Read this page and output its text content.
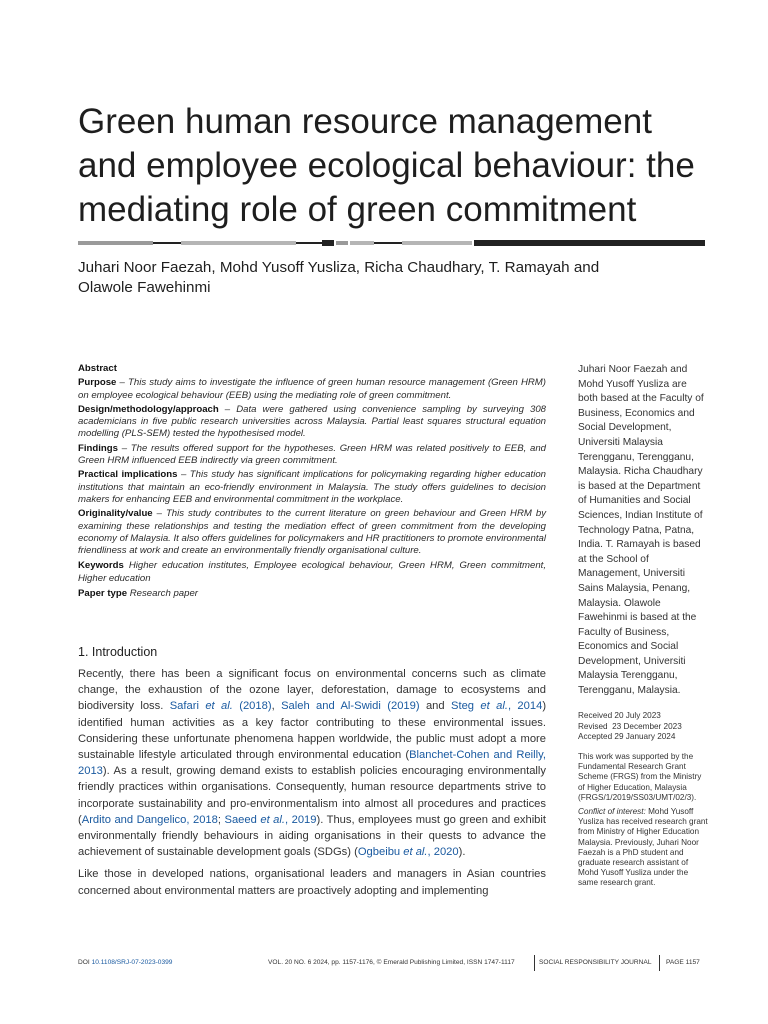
Green human resource management and employee ecological behaviour: the mediating role of green commitment
Juhari Noor Faezah, Mohd Yusoff Yusliza, Richa Chaudhary, T. Ramayah and Olawole Fawehinmi
Abstract
Purpose – This study aims to investigate the influence of green human resource management (Green HRM) on employee ecological behaviour (EEB) using the mediating role of green commitment.
Design/methodology/approach – Data were gathered using convenience sampling by surveying 308 academicians in five public research universities across Malaysia. Partial least squares structural equation modelling (PLS-SEM) tested the hypothesised model.
Findings – The results offered support for the hypotheses. Green HRM was related positively to EEB, and Green HRM influenced EEB indirectly via green commitment.
Practical implications – This study has significant implications for policymaking regarding higher education institutions that maintain an eco-friendly environment in Malaysia. The study offers guidelines to decision makers for enhancing EEB and environmental commitment in the workplace.
Originality/value – This study contributes to the current literature on green behaviour and Green HRM by examining these relationships and testing the mediation effect of green commitment from the developing economy of Malaysia. It also offers guidelines for policymakers and HR practitioners to promote environmental friendliness at work and create an environmentally friendly organisational culture.
Keywords Higher education institutes, Employee ecological behaviour, Green HRM, Green commitment, Higher education
Paper type Research paper
1. Introduction

Recently, there has been a significant focus on environmental concerns such as climate change, the exhaustion of the ozone layer, deforestation, damage to ecosystems and biodiversity loss. Safari et al. (2018), Saleh and Al-Swidi (2019) and Steg et al., 2014) identified human activities as a key factor contributing to these environmental issues. Considering these unfortunate phenomena happen worldwide, the public must adopt a more sustainable lifestyle articulated through environmental education (Blanchet-Cohen and Reilly, 2013). As a result, growing demand exists to establish policies encouraging environmentally friendly practices within organisations. Consequently, human resource departments strive to incorporate sustainability and pro-environmentalism into almost all procedures and practices (Ardito and Dangelico, 2018; Saeed et al., 2019). Thus, employees must go green and exhibit environmentally friendly behaviours in aiding organisations in their quests to advance the achievement of sustainable development goals (SDGs) (Ogbeibu et al., 2020).

Like those in developed nations, organisational leaders and managers in Asian countries concerned about environmental matters are proactively adopting and implementing

Juhari Noor Faezah and Mohd Yusoff Yusliza are both based at the Faculty of Business, Economics and Social Development, Universiti Malaysia Terengganu, Terengganu, Malaysia. Richa Chaudhary is based at the Department of Humanities and Social Sciences, Indian Institute of Technology Patna, Patna, India. T. Ramayah is based at the School of Management, Universiti Sains Malaysia, Penang, Malaysia. Olawole Fawehinmi is based at the Faculty of Business, Economics and Social Development, Universiti Malaysia Terengganu, Terengganu, Malaysia.
Received 20 July 2023
Revised  23 December 2023
Accepted 29 January 2024

This work was supported by the Fundamental Research Grant Scheme (FRGS) from the Ministry of Higher Education, Malaysia (FRGS/1/2019/SS03/UMT/02/3).

Conflict of interest: Mohd Yusoff Yusliza has received research grant from Ministry of Higher Education Malaysia. Previously, Juhari Noor Faezah is a PhD student and graduate research assistant of Mohd Yusoff Yusliza under the same research grant.

DOI 10.1108/SRJ-07-2023-0399	VOL. 20 NO. 6 2024, pp. 1157-1176, © Emerald Publishing Limited, ISSN 1747-1117	SOCIAL RESPONSIBILITY JOURNAL PAGE 1157
